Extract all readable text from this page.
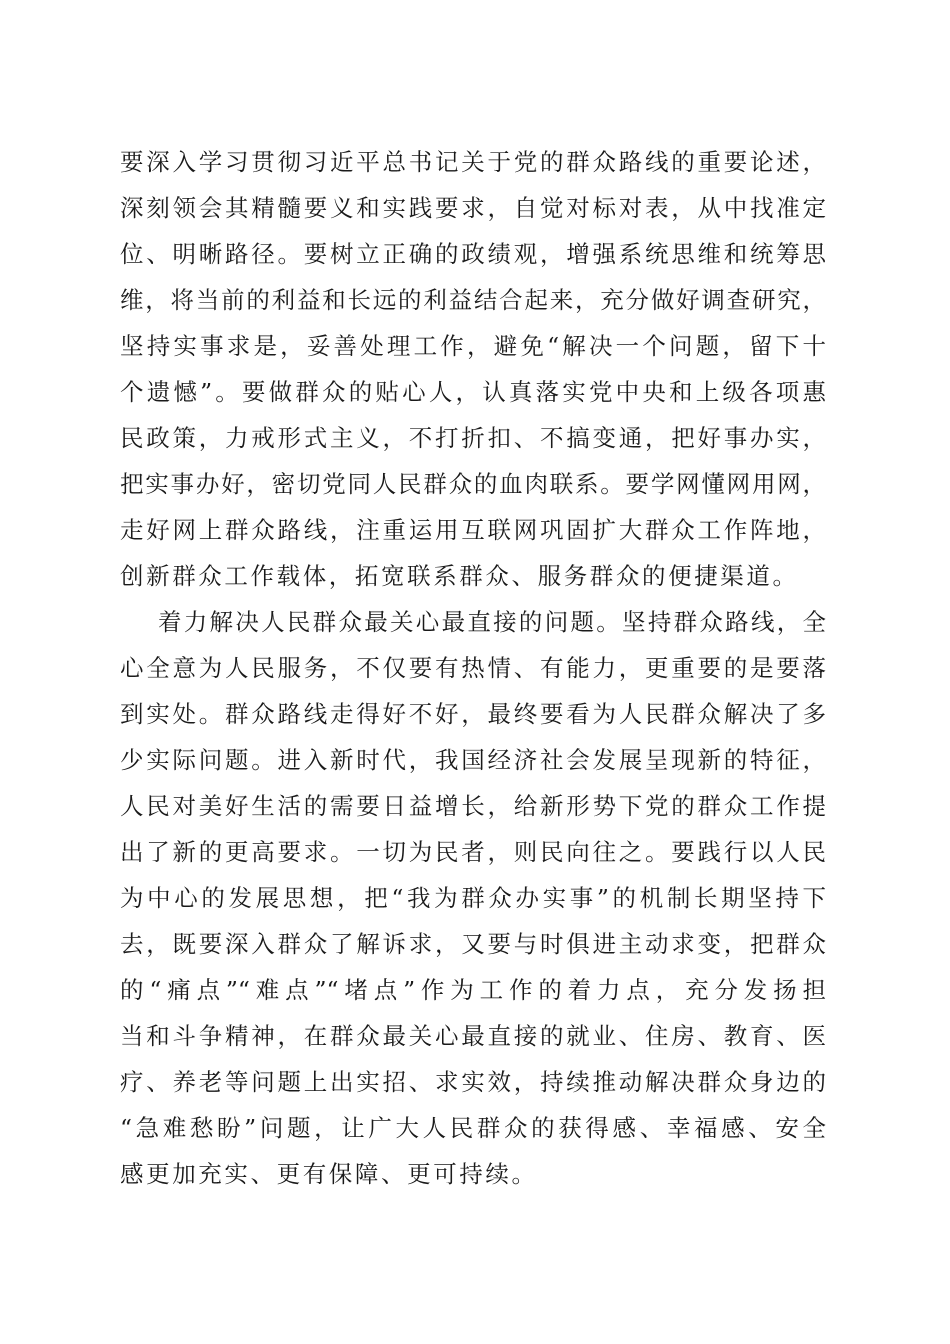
要深入学习贯彻习近平总书记关于党的群众路线的重要论述，

深刻领会其精髓要义和实践要求，自觉对标对表，从中找准定

位、明晰路径。要树立正确的政绩观，增强系统思维和统筹思

维，将当前的利益和长远的利益结合起来，充分做好调查研究，

坚持实事求是，妥善处理工作，避免“解决一个问题，留下十

个遗憾”。要做群众的贴心人，认真落实党中央和上级各项惠

民政策，力戒形式主义，不打折扣、不搞变通，把好事办实，

把实事办好，密切党同人民群众的血肉联系。要学网懂网用网，

走好网上群众路线，注重运用互联网巩固扩大群众工作阵地，

创新群众工作载体，拓宽联系群众、服务群众的便捷渠道。

着力解决人民群众最关心最直接的问题。坚持群众路线，全

心全意为人民服务，不仅要有热情、有能力，更重要的是要落

到实处。群众路线走得好不好，最终要看为人民群众解决了多

少实际问题。进入新时代，我国经济社会发展呈现新的特征，

人民对美好生活的需要日益增长，给新形势下党的群众工作提

出了新的更高要求。一切为民者，则民向往之。要践行以人民

为中心的发展思想，把“我为群众办实事”的机制长期坚持下

去，既要深入群众了解诉求，又要与时俱进主动求变，把群众

的“痛点”“难点”“堵点”作为工作的着力点，充分发扬担

当和斗争精神，在群众最关心最直接的就业、住房、教育、医

疗、养老等问题上出实招、求实效，持续推动解决群众身边的

“急难愁盼”问题，让广大人民群众的获得感、幸福感、安全

感更加充实、更有保障、更可持续。
